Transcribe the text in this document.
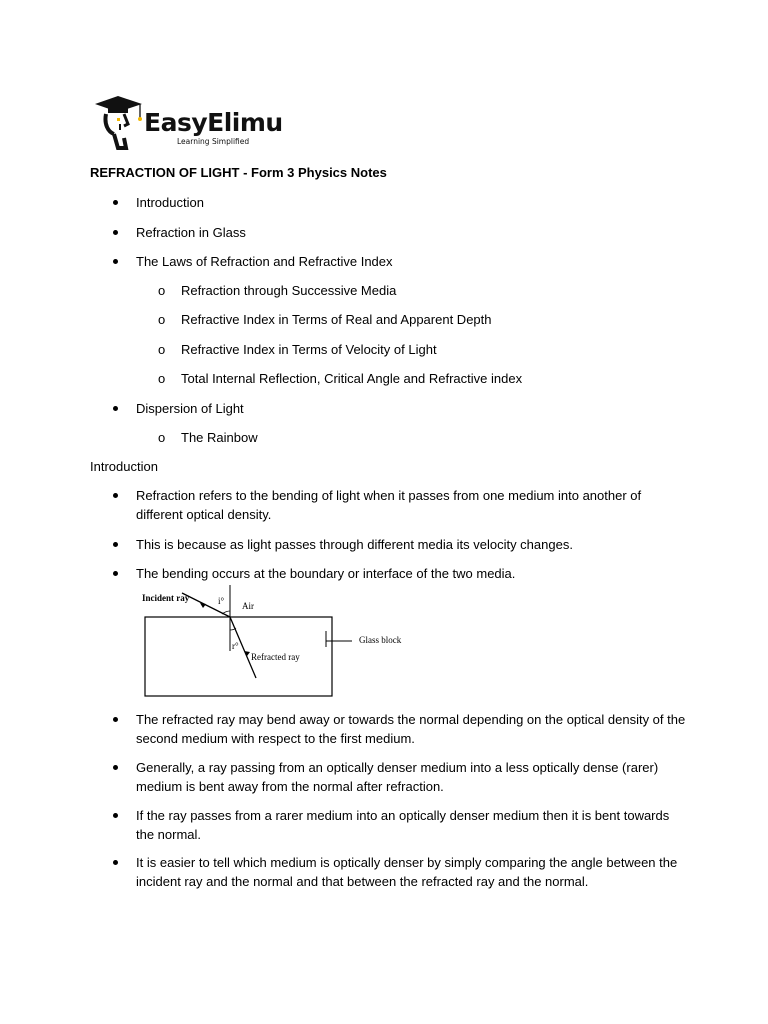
EasyElimu
Learning Simplified
REFRACTION OF LIGHT - Form 3 Physics Notes
Introduction
Refraction in Glass
The Laws of Refraction and Refractive Index
o Refraction through Successive Media
o Refractive Index in Terms of Real and Apparent Depth
o Refractive Index in Terms of Velocity of Light
o Total Internal Reflection, Critical Angle and Refractive index
Dispersion of Light
o The Rainbow
Introduction
Refraction refers to the bending of light when it passes from one medium into another of
different optical density.
This is because as light passes through different media its velocity changes.
The bending occurs at the boundary or interface of the two media.
Incident ray	i° Air
r°
Refracted ray
Glass block
The refracted ray may bend away or towards the normal depending on the optical density of the
second medium with respect to the first medium.
Generally, a ray passing from an optically denser medium into a less optically dense (rarer)
medium is bent away from the normal after refraction.
If the ray passes from a rarer medium into an optically denser medium then it is bent towards
the normal.
It is easier to tell which medium is optically denser by simply comparing the angle between the
incident ray and the normal and that between the refracted ray and the normal.
